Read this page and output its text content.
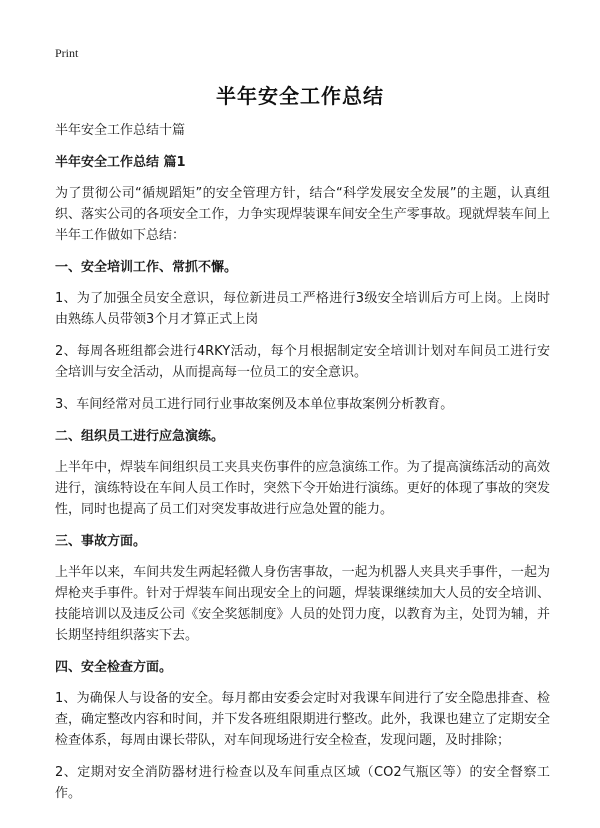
Print
半年安全工作总结

半年安全工作总结十篇

半年安全工作总结 篇1

为了贯彻公司“循规蹈矩”的安全管理方针，结合“科学发展安全发展”的主题，认真组织、落实公司的各项安全工作，力争实现焊装课车间安全生产零事故。现就焊装车间上半年工作做如下总结：

一、安全培训工作、常抓不懈。

1、为了加强全员安全意识，每位新进员工严格进行3级安全培训后方可上岗。上岗时由熟练人员带领3个月才算正式上岗

2、每周各班组都会进行4RKY活动，每个月根据制定安全培训计划对车间员工进行安全培训与安全活动，从而提高每一位员工的安全意识。

3、车间经常对员工进行同行业事故案例及本单位事故案例分析教育。

二、组织员工进行应急演练。

上半年中，焊装车间组织员工夹具夹伤事件的应急演练工作。为了提高演练活动的高效进行，演练特设在车间人员工作时，突然下令开始进行演练。更好的体现了事故的突发性，同时也提高了员工们对突发事故进行应急处置的能力。

三、事故方面。

上半年以来，车间共发生两起轻微人身伤害事故，一起为机器人夹具夹手事件，一起为焊枪夹手事件。针对于焊装车间出现安全上的问题，焊装课继续加大人员的安全培训、技能培训以及违反公司《安全奖惩制度》人员的处罚力度，以教育为主，处罚为辅，并长期坚持组织落实下去。

四、安全检查方面。

1、为确保人与设备的安全。每月都由安委会定时对我课车间进行了安全隐患排查、检查，确定整改内容和时间，并下发各班组限期进行整改。此外，我课也建立了定期安全检查体系，每周由课长带队，对车间现场进行安全检查，发现问题，及时排除；

2、定期对安全消防器材进行检查以及车间重点区域（CO2气瓶区等）的安全督察工作。
